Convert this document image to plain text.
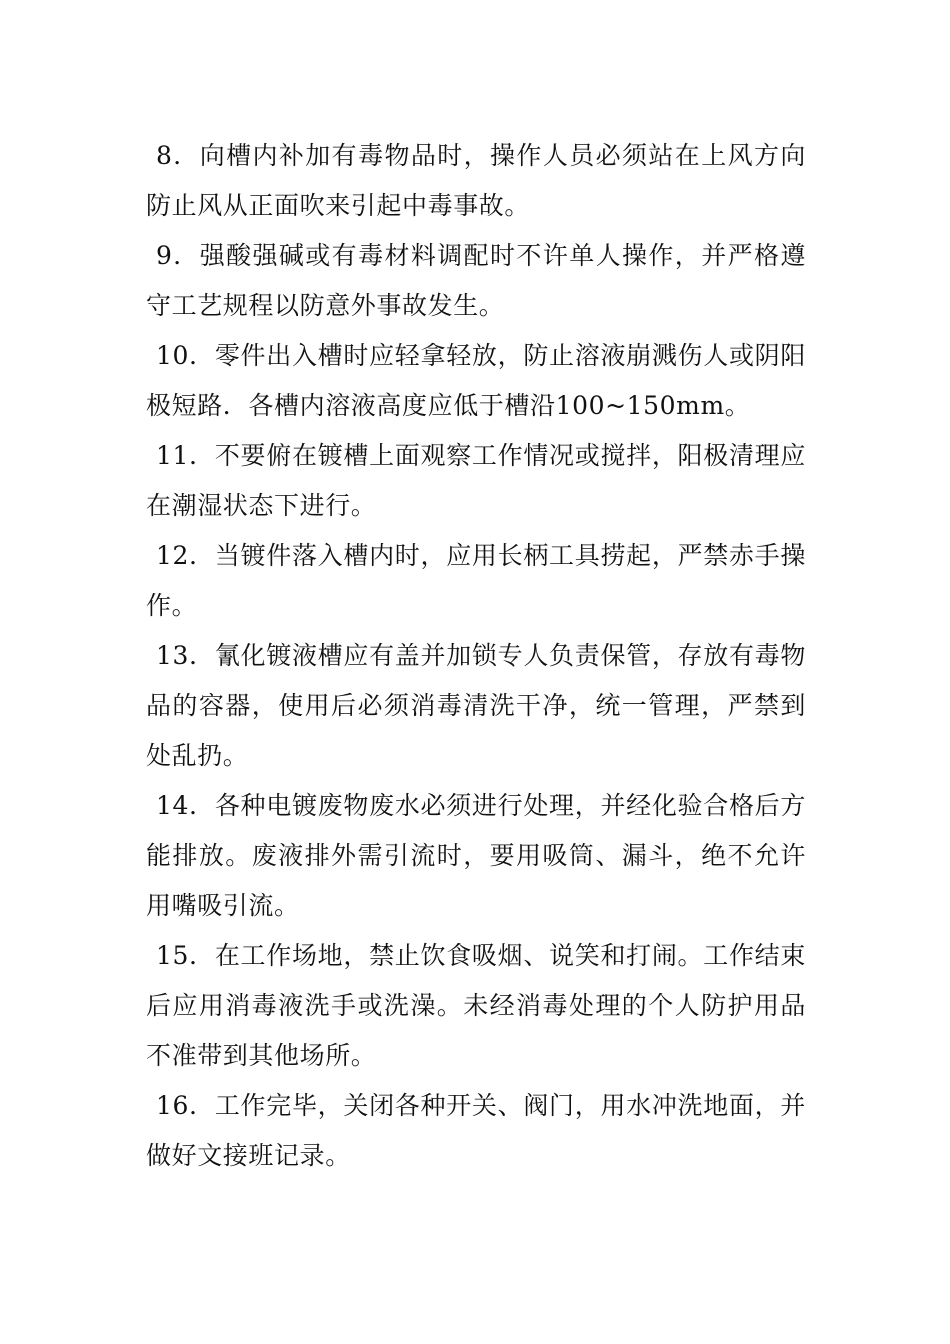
8．向槽内补加有毒物品时，操作人员必须站在上风方向防止风从正面吹来引起中毒事故。

9．强酸强碱或有毒材料调配时不许单人操作，并严格遵守工艺规程以防意外事故发生。

10．零件出入槽时应轻拿轻放，防止溶液崩溅伤人或阴阳极短路．各槽内溶液高度应低于槽沿100~150mm。

11．不要俯在镀槽上面观察工作情况或搅拌，阳极清理应在潮湿状态下进行。

12．当镀件落入槽内时，应用长柄工具捞起，严禁赤手操作。

13．氰化镀液槽应有盖并加锁专人负责保管，存放有毒物品的容器，使用后必须消毒清洗干净，统一管理，严禁到处乱扔。

14．各种电镀废物废水必须进行处理，并经化验合格后方能排放。废液排外需引流时，要用吸筒、漏斗，绝不允许用嘴吸引流。

15．在工作场地，禁止饮食吸烟、说笑和打闹。工作结束后应用消毒液洗手或洗澡。未经消毒处理的个人防护用品不准带到其他场所。

16．工作完毕，关闭各种开关、阀门，用水冲洗地面，并做好文接班记录。
